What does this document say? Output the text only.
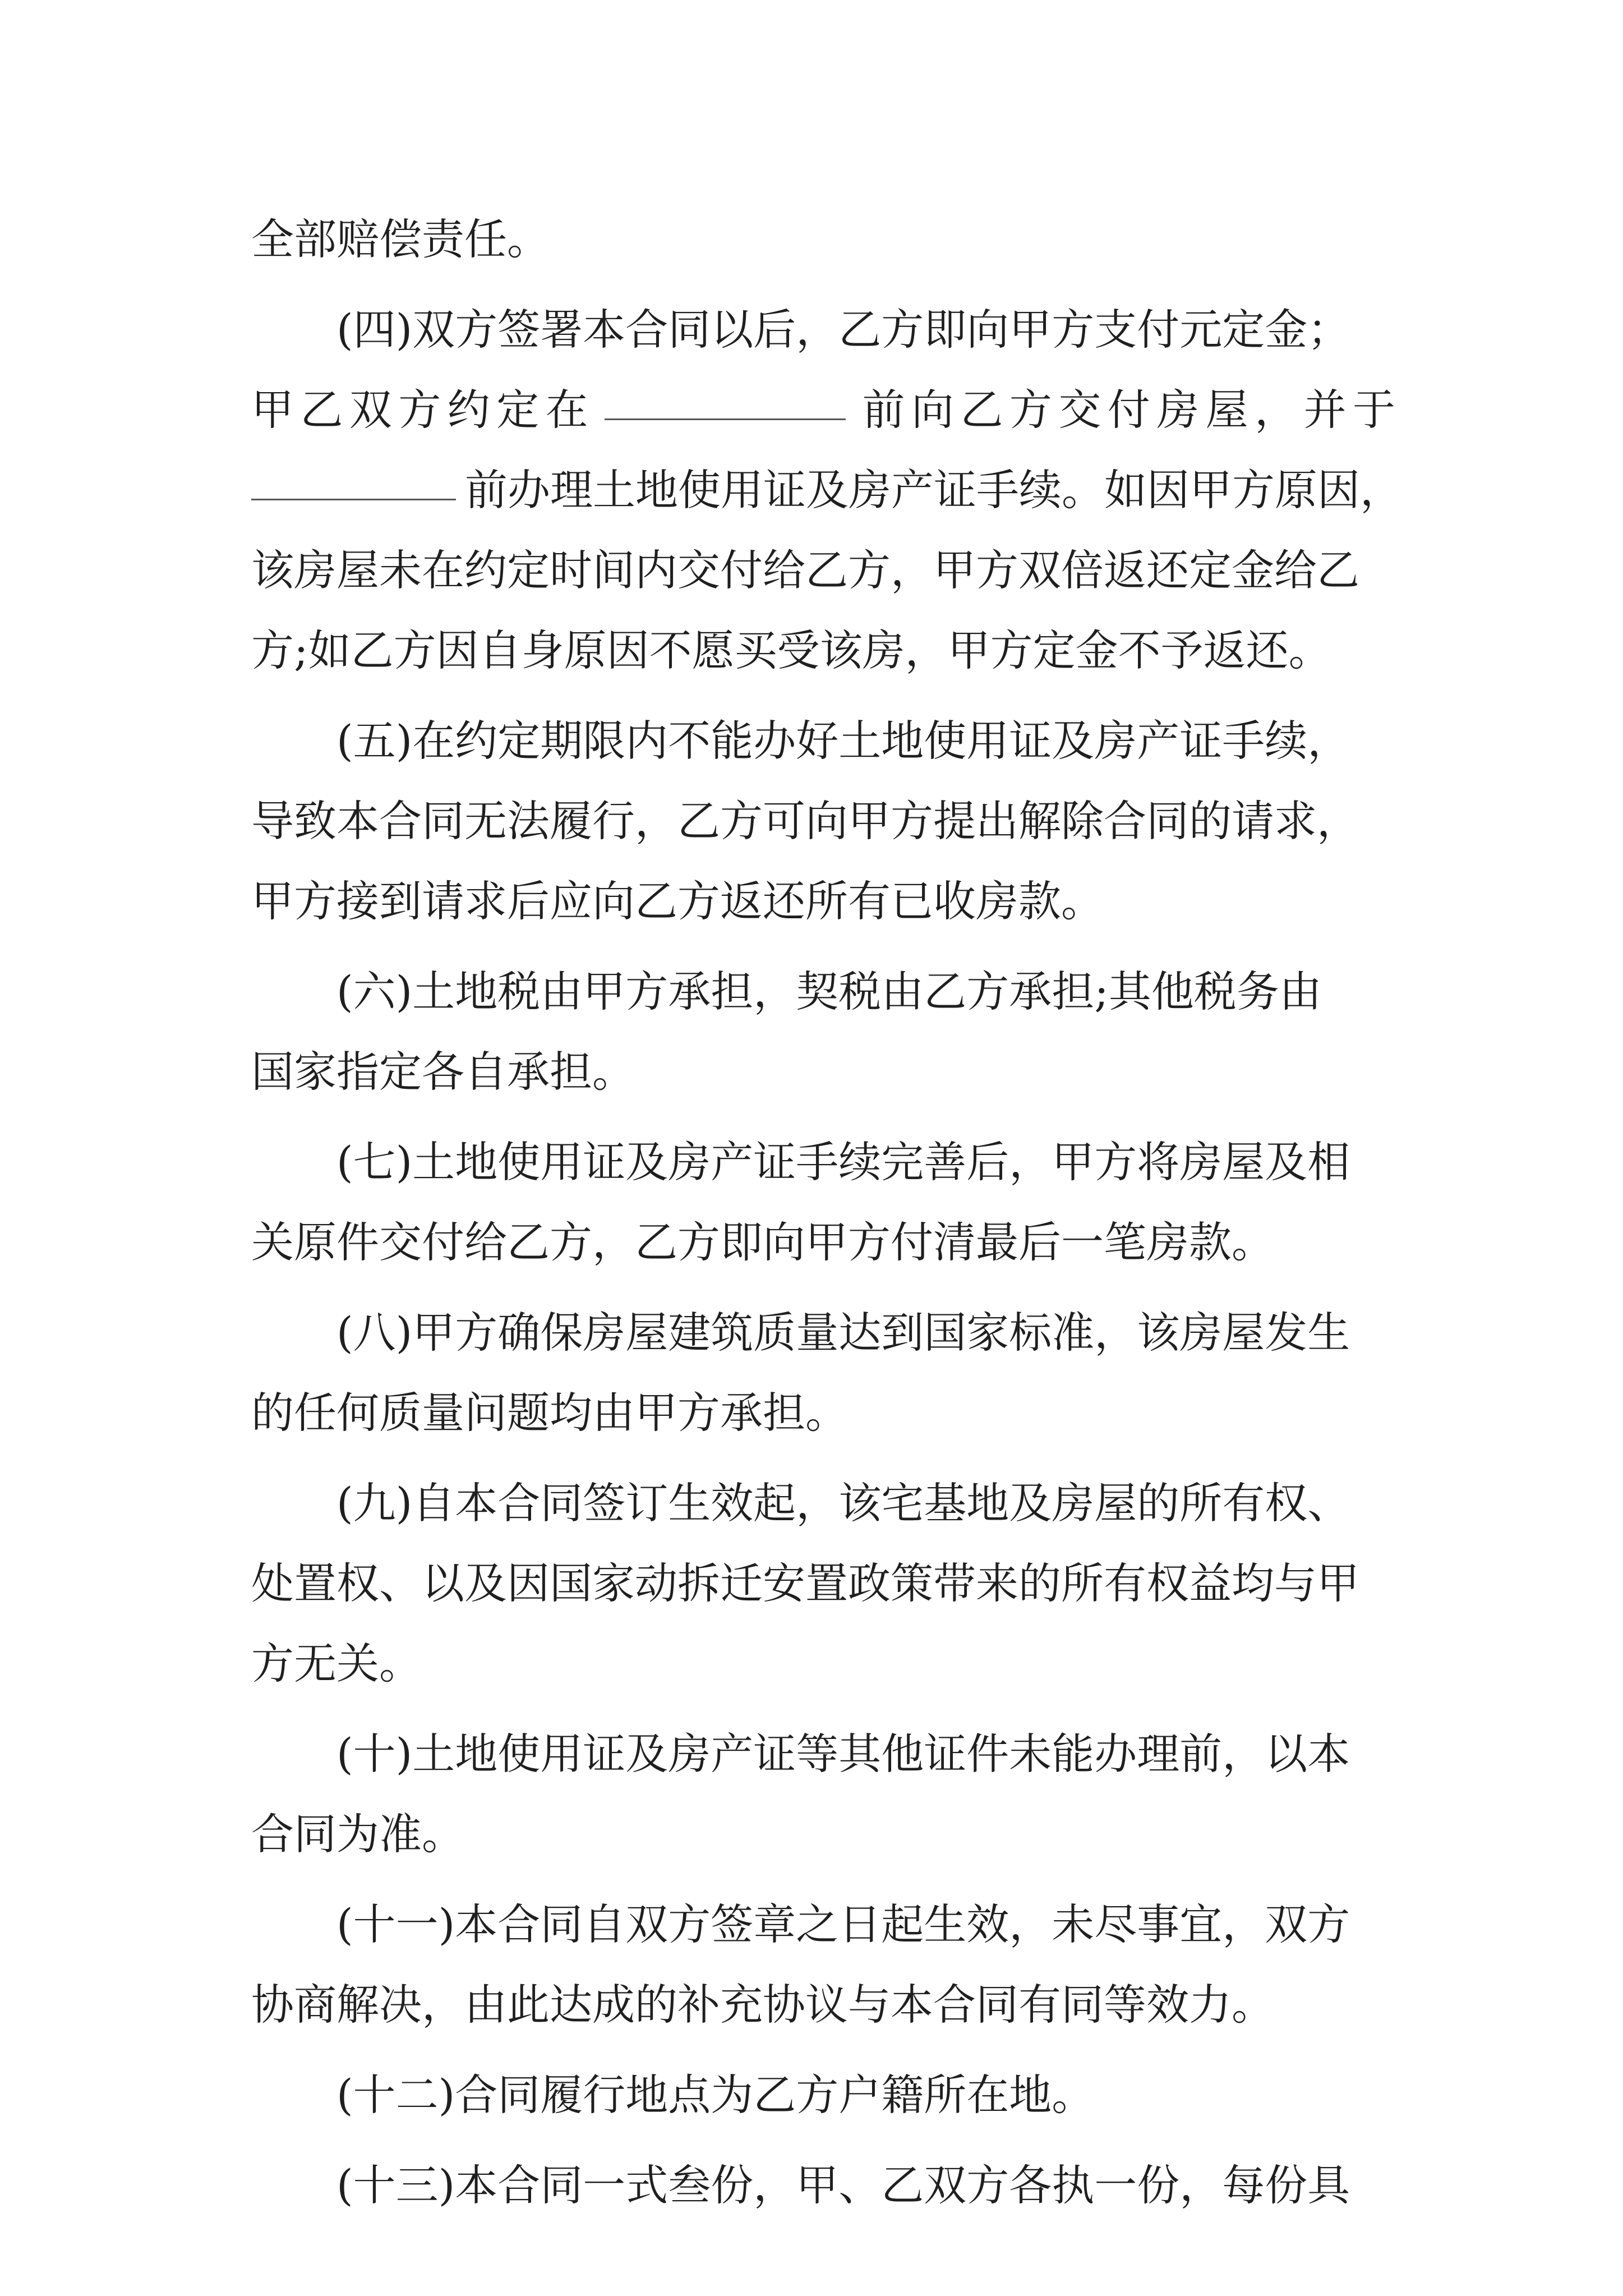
全部赔偿责任。
(四)双方签署本合同以后，乙方即向甲方支付元定金；
甲乙双方约定在	前向乙方交付房屋，并于
前办理土地使用证及房产证手续。如因甲方原因，
该房屋未在约定时间内交付给乙方，甲方双倍返还定金给乙
方;如乙方因自身原因不愿买受该房，甲方定金不予返还。
(五)在约定期限内不能办好土地使用证及房产证手续，
导致本合同无法履行，乙方可向甲方提出解除合同的请求，
甲方接到请求后应向乙方返还所有已收房款。
(六)土地税由甲方承担，契税由乙方承担;其他税务由
国家指定各自承担。
(七)土地使用证及房产证手续完善后，甲方将房屋及相
关原件交付给乙方，乙方即向甲方付清最后一笔房款。
(八)甲方确保房屋建筑质量达到国家标准，该房屋发生
的任何质量问题均由甲方承担。
(九)自本合同签订生效起，该宅基地及房屋的所有权、
处置权、以及因国家动拆迁安置政策带来的所有权益均与甲
方无关。
(十)土地使用证及房产证等其他证件未能办理前，以本
合同为准。
(十一)本合同自双方签章之日起生效，未尽事宜，双方
协商解决，由此达成的补充协议与本合同有同等效力。
(十二)合同履行地点为乙方户籍所在地。
(十三)本合同一式叁份，甲、乙双方各执一份，每份具
